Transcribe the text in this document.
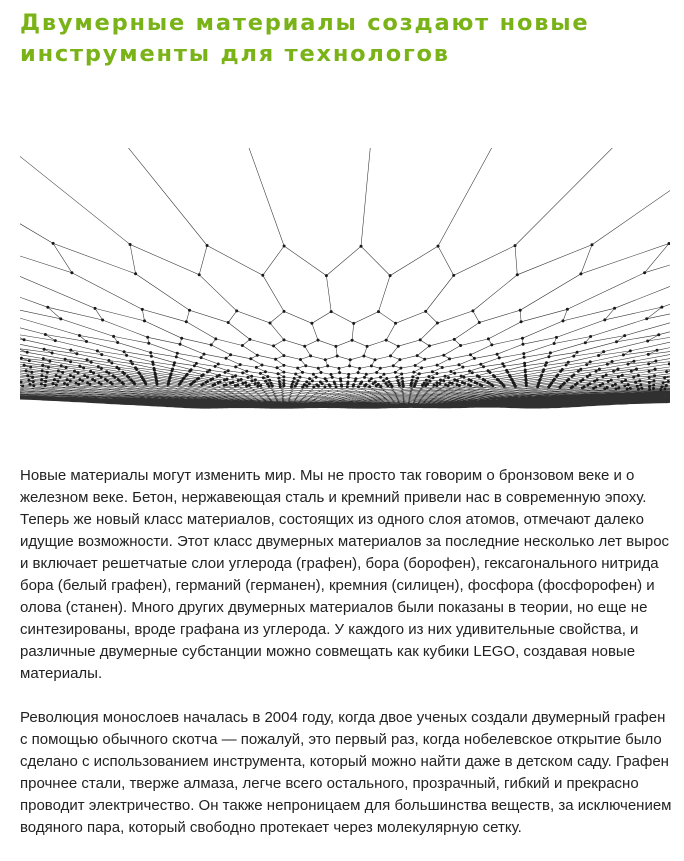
Двумерные материалы создают новые инструменты для технологов

Новые материалы могут изменить мир. Мы не просто так говорим о бронзовом веке и о железном веке. Бетон, нержавеющая сталь и кремний привели нас в современную эпоху. Теперь же новый класс материалов, состоящих из одного слоя атомов, отмечают далеко идущие возможности. Этот класс двумерных материалов за последние несколько лет вырос и включает решетчатые слои углерода (графен), бора (борофен), гексагонального нитрида бора (белый графен), германий (германен), кремния (силицен), фосфора (фосфорофен) и олова (станен). Много других двумерных материалов были показаны в теории, но еще не синтезированы, вроде графана из углерода. У каждого из них удивительные свойства, и различные двумерные субстанции можно совмещать как кубики LEGO, создавая новые материалы.

Революция монослоев началась в 2004 году, когда двое ученых создали двумерный графен с помощью обычного скотча — пожалуй, это первый раз, когда нобелевское открытие было сделано с использованием инструмента, который можно найти даже в детском саду. Графен прочнее стали, тверже алмаза, легче всего остального, прозрачный, гибкий и прекрасно проводит электричество. Он также непроницаем для большинства веществ, за исключением водяного пара, который свободно протекает через молекулярную сетку.
